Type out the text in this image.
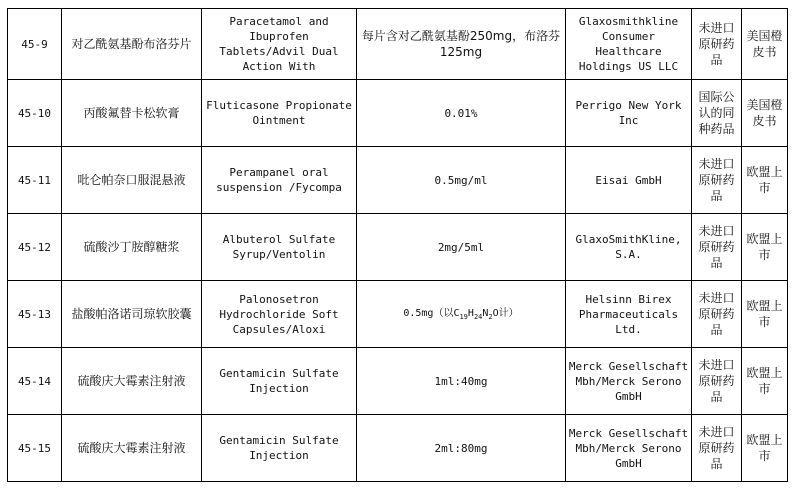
45-9	对乙酰氨基酚布洛芬片	Paracetamol and Ibuprofen Tablets/Advil Dual Action With	每片含对乙酰氨基酚250mg，布洛芬125mg	Glaxosmithkline Consumer Healthcare Holdings US LLC	未进口原研药品	美国橙皮书
45-10	丙酸氟替卡松软膏	Fluticasone Propionate Ointment	0.01%	Perrigo New York Inc	国际公认的同种药品	美国橙皮书
45-11	吡仑帕奈口服混悬液	Perampanel oral suspension /Fycompa	0.5mg/ml	Eisai GmbH	未进口原研药品	欧盟上市
45-12	硫酸沙丁胺醇糖浆	Albuterol Sulfate Syrup/Ventolin	2mg/5ml	GlaxoSmithKline, S.A.	未进口原研药品	欧盟上市
45-13	盐酸帕洛诺司琼软胶囊	Palonosetron Hydrochloride Soft Capsules/Aloxi	0.5mg（以$C_{19}H_{24}N_2O$计）	Helsinn Birex Pharmaceuticals Ltd.	未进口原研药品	欧盟上市
45-14	硫酸庆大霉素注射液	Gentamicin Sulfate Injection	1ml:40mg	Merck Gesellschaft Mbh/Merck Serono GmbH	未进口原研药品	欧盟上市
45-15	硫酸庆大霉素注射液	Gentamicin Sulfate Injection	2ml:80mg	Merck Gesellschaft Mbh/Merck Serono GmbH	未进口原研药品	欧盟上市
